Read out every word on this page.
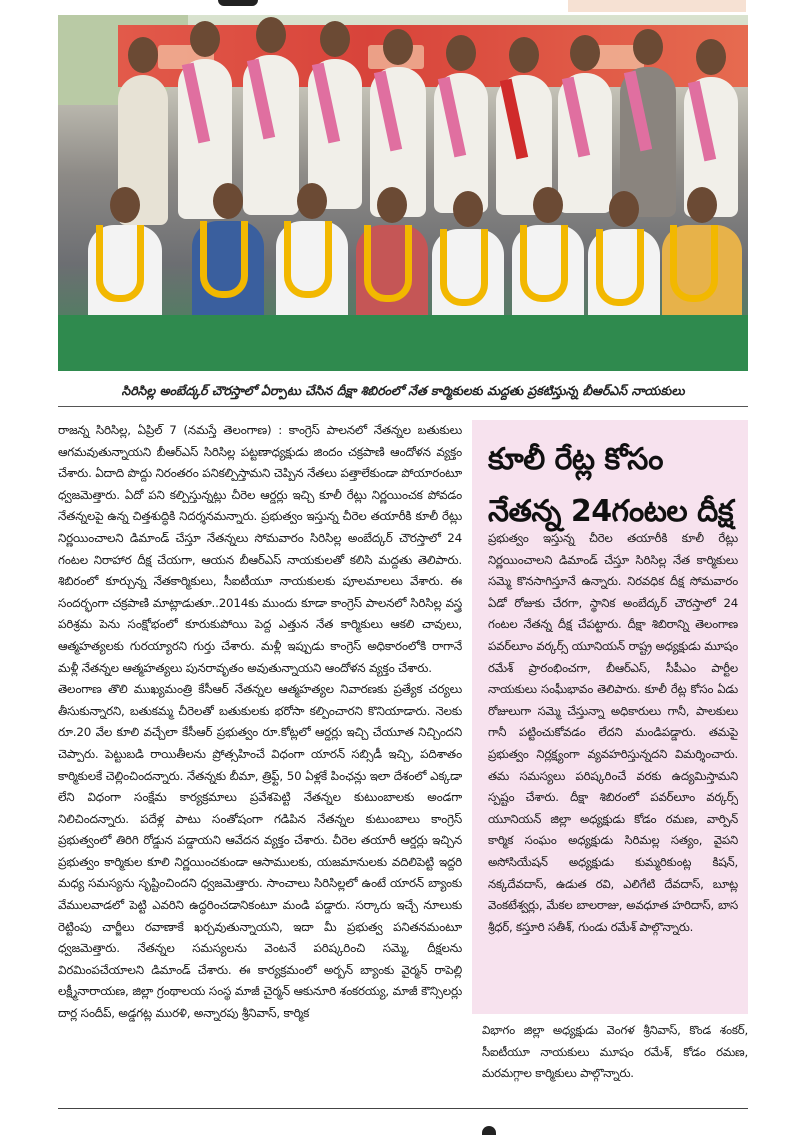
సిరిసిల్ల అంబేద్కర్ చౌరస్తాలో ఏర్పాటు చేసిన దీక్షా శిబిరంలో నేత కార్మికులకు మద్దతు ప్రకటిస్తున్న బీఆర్ఎస్ నాయకులు

రాజన్న సిరిసిల్ల, ఏప్రిల్ 7 (నమస్తే తెలంగాణ) : కాంగ్రెస్ పాలనలో నేతన్నల బతుకులు ఆగమవుతున్నాయని బీఆర్ఎస్ సిరిసిల్ల పట్టణాధ్యక్షుడు జిందం చక్రపాణి ఆందోళన వ్యక్తం చేశారు. ఏదాది పొద్దు నిరంతరం పనికల్పిస్తామని చెప్పిన నేతలు పత్తాలేకుండా పోయారంటూ ధ్వజమెత్తారు. ఏదో పని కల్పిస్తున్నట్లు చీరెల ఆర్డర్లు ఇచ్చి కూలీ రేట్లు నిర్ణయించక పోవడం నేతన్నలపై ఉన్న చిత్తశుద్ధికి నిదర్శనమన్నారు. ప్రభుత్వం ఇస్తున్న చీరెల తయారీకి కూలీ రేట్లు నిర్ణయించాలని డిమాండ్ చేస్తూ నేతన్నలు సోమవారం సిరిసిల్ల అంబేద్కర్ చౌరస్తాలో 24 గంటల నిరాహార దీక్ష చేయగా, ఆయన బీఆర్ఎస్ నాయకులతో కలిసి మద్దతు తెలిపారు. శిబిరంలో కూర్చున్న నేతకార్మికులు, సీఐటీయూ నాయకులకు పూలమాలలు వేశారు. ఈ సందర్భంగా చక్రపాణి మాట్లాడుతూ..2014కు ముందు కూడా కాంగ్రెస్ పాలనలో సిరిసిల్ల వస్త్ర పరిశ్రమ పెను సంక్షోభంలో కూరుకుపోయి పెద్ద ఎత్తున నేత కార్మికులు ఆకలి చావులు, ఆత్మహత్యలకు గురయ్యారని గుర్తు చేశారు. మళ్లీ ఇప్పుడు కాంగ్రెస్ అధికారంలోకి రాగానే మళ్లీ నేతన్నల ఆత్మహత్యలు పునరావృతం అవుతున్నాయని ఆందోళన వ్యక్తం చేశారు.

తెలంగాణ తొలి ముఖ్యమంత్రి కేసీఆర్ నేతన్నల ఆత్మహత్యల నివారణకు ప్రత్యేక చర్యలు తీసుకున్నారని, బతుకమ్మ చీరెలతో బతుకులకు భరోసా కల్పించారని కొనియాడారు. నెలకు రూ.20 వేల కూలి వచ్చేలా కేసీఆర్ ప్రభుత్వం రూ.కోట్లలో ఆర్డర్లు ఇచ్చి చేయూత నిచ్చిందని చెప్పారు. పెట్టుబడి రాయితీలను ప్రోత్సహించే విధంగా యారన్ సబ్సిడీ ఇచ్చి, పదిశాతం కార్మికులకే చెల్లించిందన్నారు. నేతన్నకు బీమా, త్రిఫ్ట్, 50 ఏళ్లకే పింఛన్లు ఇలా దేశంలో ఎక్కడా లేని విధంగా సంక్షేమ కార్యక్రమాలు ప్రవేశపెట్టి నేతన్నల కుటుంబాలకు అండగా నిలిచిందన్నారు. పదేళ్ల పాటు సంతోషంగా గడిపిన నేతన్నల కుటుంబాలు కాంగ్రెస్ ప్రభుత్వంలో తిరిగి రోడ్డున పడ్డాయని ఆవేదన వ్యక్తం చేశారు. చీరెల తయారీ ఆర్డర్లు ఇచ్చిన ప్రభుత్వం కార్మికుల కూలి నిర్ణయించకుండా ఆసాములకు, యజమానులకు వదిలిపెట్టి ఇద్దరి మధ్య సమస్యను సృష్టించిందని ధ్వజమెత్తారు. సాంచాలు సిరిసిల్లలో ఉంటే యారన్ బ్యాంకు వేములవాడలో పెట్టి ఎవరిని ఉద్ధరించడానికంటూ మండి పడ్డారు. సర్కారు ఇచ్చే నూలుకు రెట్టింపు చార్జీలు రవాణాకే ఖర్చవుతున్నాయని, ఇదా మీ ప్రభుత్వ పనితనమంటూ ధ్వజమెత్తారు. నేతన్నల సమస్యలను వెంటనే పరిష్కరించి సమ్మె, దీక్షలను విరమింపచేయాలని డిమాండ్ చేశారు. ఈ కార్యక్రమంలో అర్బన్ బ్యాంకు వైర్మన్ రాపెల్లి లక్ష్మీనారాయణ, జిల్లా గ్రంథాలయ సంస్థ మాజీ చైర్మన్ ఆకునూరి శంకరయ్య, మాజీ కౌన్సిలర్లు దార్ల సందీప్, అడ్డగట్ల మురళి, అన్నారపు శ్రీనివాస్, కార్మిక

కూలీ రేట్ల కోసం
నేతన్న 24గంటల దీక్ష

ప్రభుత్వం ఇస్తున్న చీరెల తయారీకి కూలీ రేట్లు నిర్ణయించాలని డిమాండ్ చేస్తూ సిరిసిల్ల నేత కార్మికులు సమ్మె కొనసాగిస్తూనే ఉన్నారు. నిరవధిక దీక్ష సోమవారం ఏడో రోజుకు చేరగా, స్థానిక అంబేద్కర్ చౌరస్తాలో 24 గంటల నేతన్న దీక్ష చేపట్టారు. దీక్షా శిబిరాన్ని తెలంగాణ పవర్‌లూం వర్కర్స్ యూనియన్ రాష్ట్ర అధ్యక్షుడు మూషం రమేశ్ ప్రారంభించగా, బీఆర్ఎస్, సీపీఎం పార్టీల నాయకులు సంఘీభావం తెలిపారు. కూలీ రేట్ల కోసం ఏడు రోజులుగా సమ్మె చేస్తున్నా అధికారులు గానీ, పాలకులు గానీ పట్టించుకోవడం లేదని మండిపడ్డారు. తమపై ప్రభుత్వం నిర్లక్ష్యంగా వ్యవహరిస్తున్నదని విమర్శించారు. తమ సమస్యలు పరిష్కరించే వరకు ఉద్యమిస్తామని స్పష్టం చేశారు. దీక్షా శిబిరంలో పవర్‌లూం వర్కర్స్ యూనియన్ జిల్లా అధ్యక్షుడు కోడం రమణ, వార్పిన్ కార్మిక సంఘం అధ్యక్షుడు సిరిమల్ల సత్యం, వైపని అసోసియేషన్ అధ్యక్షుడు కుమ్మరికుంట్ల కిషన్, నక్కదేవదాస్, ఉడుత రవి, ఎలిగేటి దేవదాస్, బూట్ల వెంకటేశ్వర్లు, మేకల బాలరాజు, అవధూత హరిదాస్, బాస శ్రీధర్, కస్తూరి సతీశ్, గుండు రమేశ్ పాల్గొన్నారు.

విభాగం జిల్లా అధ్యక్షుడు వెంగళ శ్రీనివాస్, కొండ శంకర్, సీఐటీయూ నాయకులు మూషం రమేశ్, కోడం రమణ, మరమగ్గాల కార్మికులు పాల్గొన్నారు.
